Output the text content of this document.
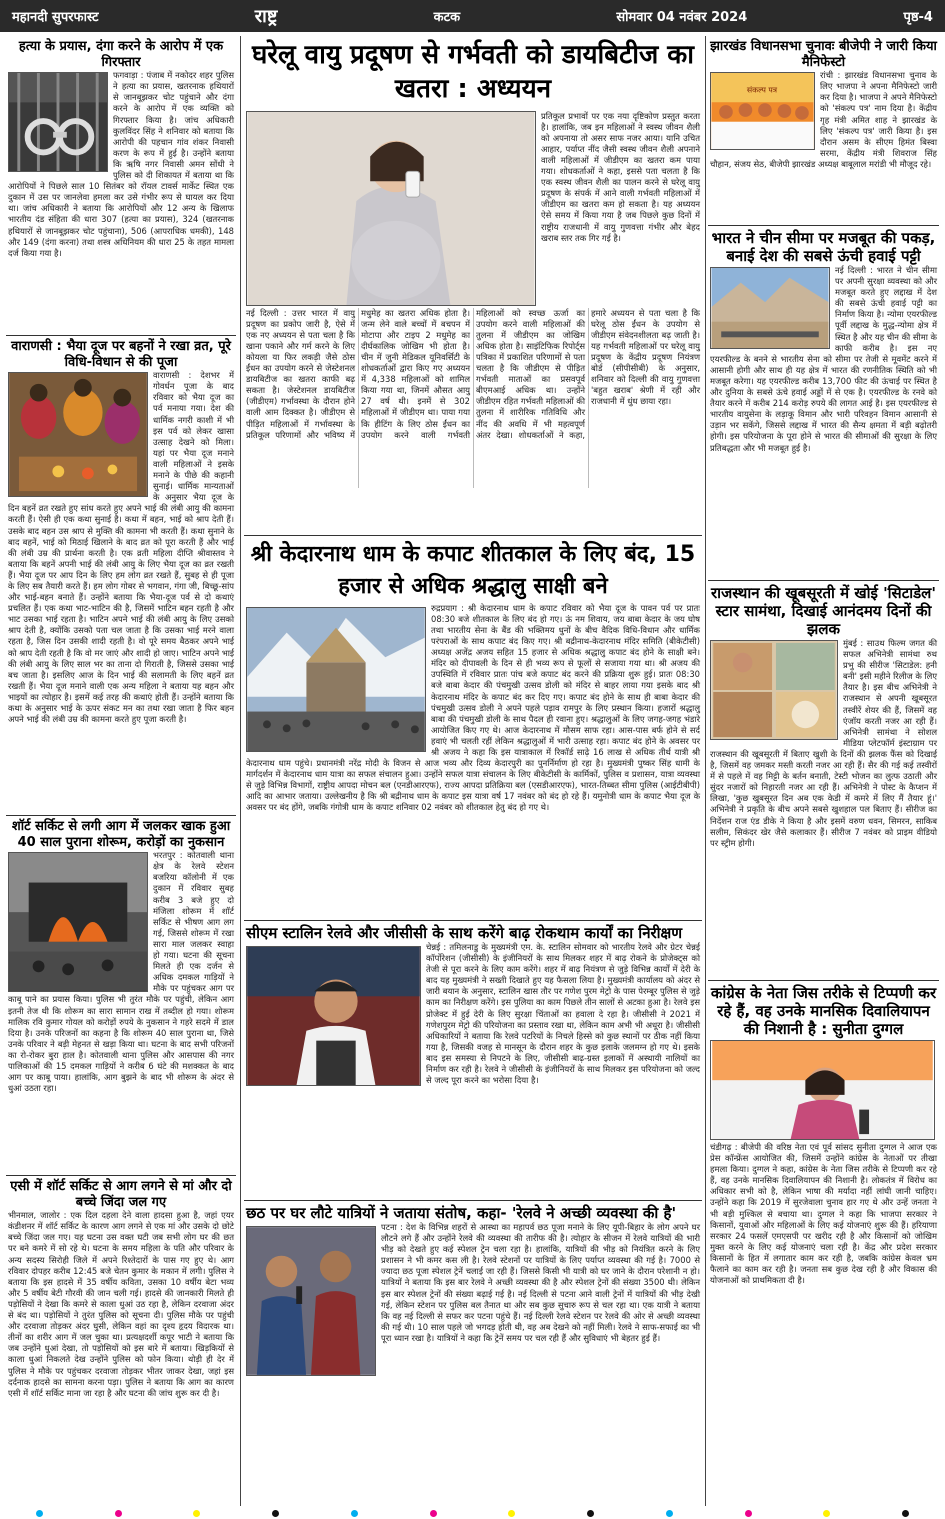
महानदी सुपरफास्ट	राष्ट्र	कटक	सोमवार 04 नवंबर 2024	पृष्ठ-4
हत्या के प्रयास, दंगा करने के आरोप में एक गिरफ्तार
फगवाड़ा : पंजाब में नकोदर शहर पुलिस ने हत्या का प्रयास, खतरनाक हथियारों से जानबूझकर चोट पहुंचाने और दंगा करने के आरोप में एक व्यक्ति को गिरफ्तार किया है। जांच अधिकारी कुलविंदर सिंह ने शनिवार को बताया कि आरोपी की पहचान गांव शंकर निवासी करण के रूप में हुई है। उन्होंने बताया कि ऋषि नगर निवासी अमन सोंधी ने पुलिस को दी शिकायत में बताया था कि आरोपियों ने पिछले साल 10 सितंबर को रॉयल टावर्स मार्केट स्थित एक दुकान में उस पर जानलेवा हमला कर उसे गंभीर रूप से घायल कर दिया था। जांच अधिकारी ने बताया कि आरोपियों और 12 अन्य के खिलाफ भारतीय दंड संहिता की धारा 307 (हत्या का प्रयास), 324 (खतरनाक हथियारों से जानबूझकर चोट पहुंचाना), 506 (आपराधिक धमकी), 148 और 149 (दंगा करना) तथा शस्त्र अधिनियम की धारा 25 के तहत मामला दर्ज किया गया है।
वाराणसी : भैया दूज पर बहनों ने रखा व्रत, पूरे विधि-विधान से की पूजा
वाराणसी : देशभर में गोवर्धन पूजा के बाद रविवार को भैया दूज का पर्व मनाया गया। देश की धार्मिक नगरी काशी में भी इस पर्व को लेकर खासा उत्साह देखने को मिला। यहां पर भैया दूज मनाने वाली महिलाओं ने इसके मनाने के पीछे की कहानी सुनाई। धार्मिक मान्यताओं के अनुसार भैया दूज के दिन बहनें व्रत रखते हुए सांध करते हुए अपने भाई की लंबी आयु की कामना करती हैं। ऐसी ही एक कथा सुनाई है। कथा में बहन, भाई को श्राप देती हैं। उसके बाद बहन उस श्राप से मुक्ति की कामना भी करती हैं। कथा सुनाने के बाद बहनें, भाई को मिठाई खिलाने के बाद व्रत को पूरा करती हैं और भाई की लंबी उम्र की प्रार्थना करती है। एक व्रती महिला दीप्ति श्रीवास्तव ने बताया कि बहनें अपनी भाई की लंबी आयु के लिए भैया दूज का व्रत रखती हैं। भैया दूज पर आप दिन के लिए हम लोग व्रत रखते हैं, सुबह से ही पूजा के लिए सब तैयारी करते हैं। हम लोग गोबर से भगवान, गंगा जी, बिच्छू-सांप और भाई-बहन बनाते हैं। उन्होंने बताया कि भैया-दूज पर्व से दो कथाएं प्रचलित हैं। एक कथा भाट-भाटिन की है, जिसमें भाटिन बहन रहती है और भाट उसका भाई रहता है। भाटिन अपने भाई की लंबी आयु के लिए उसको श्राप देती है, क्योंकि उसको पता चल जाता है कि उसका भाई मरने वाला रहता है, जिस दिन उसकी शादी रहती है। वो पूरे समय बैठकर अपने भाई को श्राप देती रहती है कि वो मर जाएं और शादी हो जाए। भाटिन अपने भाई की लंबी आयु के लिए साल भर का ताना दो गिराती है, जिससे उसका भाई बच जाता है। इसलिए आज के दिन भाई की सलामती के लिए बहनें व्रत रखती हैं। भैया दूज मनाने वाली एक अन्य महिला ने बताया यह बहन और भाइयों का त्योहार है। इसमें कई तरह की कथाएं होती हैं। उन्होंने बताया कि कथा के अनुसार भाई के ऊपर संकट मन का तथा रखा जाता है फिर बहन अपने भाई की लंबी उम्र की कामना करते हुए पूजा करती है।
शॉर्ट सर्किट से लगी आग में जलकर खाक हुआ 40 साल पुराना शोरूम, करोड़ों का नुकसान
भरतपुर : कोतवाली थाना क्षेत्र के रेलवे स्टेशन बजरिया कॉलोनी में एक दुकान में रविवार सुबह करीब 3 बजे हुए दो मंजिला शोरूम में शॉर्ट सर्किट से भीषण आग लग गई, जिससे शोरूम में रखा सारा माल जलकर स्वाहा हो गया। घटना की सूचना मिलते ही एक दर्जन से अधिक दमकल गाड़ियों ने मौके पर पहुंचकर आग पर काबू पाने का प्रयास किया। पुलिस भी तुरंत मौके पर पहुंची, लेकिन आग इतनी तेज थी कि शोरूम का सारा सामान राख में तब्दील हो गया। शोरूम मालिक रवि कुमार गोयल को करोड़ों रुपये के नुकसान ने गहरे सदमे में डाल दिया है। उनके परिजनों का कहना है कि शोरूम 40 साल पुराना था, जिसे उनके परिवार ने बड़ी मेहनत से खड़ा किया था। घटना के बाद सभी परिजनों का रो-रोकर बुरा हाल है। कोतवाली थाना पुलिस और आसपास की नगर पालिकाओं की 15 दमकल गाड़ियों ने करीब 6 घंटे की मशक्कत के बाद आग पर काबू पाया। हालांकि, आग बुझने के बाद भी शोरूम के अंदर से धुआं उठता रहा।
एसी में शॉर्ट सर्किट से आग लगने से मां और दो बच्चे जिंदा जल गए
भीनमाल, जालोर : एक दिल दहला देने वाला हादसा हुआ है, जहां एयर कंडीशनर में शॉर्ट सर्किट के कारण आग लगने से एक मां और उसके दो छोटे बच्चे जिंदा जल गए। यह घटना उस वक्त घटी जब सभी लोग घर की छत पर बने कमरे में सो रहे थे। घटना के समय महिला के पति और परिवार के अन्य सदस्य सिरोही जिले में अपने रिश्तेदारों के पास गए हुए थे। आग रविवार दोपहर करीब 12:45 बजे चेतन कुमार के मकान में लगी। पुलिस ने बताया कि इस हादसे में 35 वर्षीय कविता, उसका 10 वर्षीय बेटा भव्य और 5 वर्षीय बेटी गौरवी की जान चली गई। हादसे की जानकारी मिलते ही पड़ोसियों ने देखा कि कमरे से काला धुआं उठ रहा है, लेकिन दरवाजा अंदर से बंद था। पड़ोसियों ने तुरंत पुलिस को सूचना दी। पुलिस मौके पर पहुंची और दरवाजा तोड़कर अंदर घुसी, लेकिन वहां का दृश्य हृदय विदारक था। तीनों का शरीर आग में जल चुका था। प्रत्यक्षदर्शी कपूर भाटी ने बताया कि जब उन्होंने धुआं देखा, तो पड़ोसियों को इस बारे में बताया। खिड़कियों से काला धुआं निकलते देख उन्होंने पुलिस को फोन किया। थोड़ी ही देर में पुलिस ने मौके पर पहुंचकर दरवाजा तोड़कर भीतर जाकर देखा, जहां इस दर्दनाक हादसे का सामना करना पड़ा। पुलिस ने बताया कि आग का कारण एसी में शॉर्ट सर्किट माना जा रहा है और घटना की जांच शुरू कर दी है।
घरेलू वायु प्रदूषण से गर्भवती को डायबिटीज का खतरा : अध्ययन
प्रतिकूल प्रभावों पर एक नया दृष्टिकोण प्रस्तुत करता है। हालांकि, जब इन महिलाओं ने स्वस्थ जीवन शैली को अपनाया तो असर साफ नजर आया। यानि उचित आहार, पर्याप्त नींद जैसी स्वस्थ जीवन शैली अपनाने वाली महिलाओं में जीडीएम का खतरा कम पाया गया। शोधकर्ताओं ने कहा, इससे पता चलता है कि एक स्वस्थ जीवन शैली का पालन करने से घरेलू वायु प्रदूषण के संपर्क में आने वाली गर्भवती महिलाओं में जीडीएम का खतरा कम हो सकता है। यह अध्ययन ऐसे समय में किया गया है जब पिछले कुछ दिनों में राष्ट्रीय राजधानी में वायु गुणवत्ता गंभीर और बेहद खराब स्तर तक गिर गई है।
नई दिल्ली : उत्तर भारत में वायु प्रदूषण का प्रकोप जारी है, ऐसे में एक नए अध्ययन से पता चला है कि खाना पकाने और गर्म करने के लिए कोयला या फिर लकड़ी जैसे ठोस ईंधन का उपयोग करने से जेस्टेशनल डायबिटीज का खतरा काफी बढ़ सकता है। जेस्टेशनल डायबिटीज (जीडीएम) गर्भावस्था के दौरान होने वाली आम दिक्कत है। जीडीएम से पीड़ित महिलाओं में गर्भावस्था के प्रतिकूल परिणामों और भविष्य में मधुमेह का खतरा अधिक होता है। जन्म लेने वाले बच्चों में बचपन में मोटापा और टाइप 2 मधुमेह का दीर्घकालिक जोखिम भी होता है। चीन में जुनी मेडिकल यूनिवर्सिटी के शोधकर्ताओं द्वारा किए गए अध्ययन में 4,338 महिलाओं को शामिल किया गया था, जिनमें औसत आयु 27 वर्ष थी। इनमें से 302 महिलाओं में जीडीएम था। पाया गया कि हीटिंग के लिए ठोस ईंधन का उपयोग करने वाली गर्भवती महिलाओं को स्वच्छ ऊर्जा का उपयोग करने वाली महिलाओं की तुलना में जीडीएम का जोखिम अधिक होता है। साइंटिफिक रिपोर्ट्स पत्रिका में प्रकाशित परिणामों से पता चलता है कि जीडीएम से पीड़ित गर्भवती माताओं का प्रसवपूर्व बीएमआई अधिक था। उन्होंने जीडीएम रहित गर्भवती महिलाओं की तुलना में शारीरिक गतिविधि और नींद की अवधि में भी महत्वपूर्ण अंतर देखा। शोधकर्ताओं ने कहा, हमारे अध्ययन से पता चला है कि घरेलू ठोस ईंधन के उपयोग से जीडीएम संवेदनशीलता बढ़ जाती है। यह गर्भवती महिलाओं पर घरेलू वायु प्रदूषण के केंद्रीय प्रदूषण नियंत्रण बोर्ड (सीपीसीबी) के अनुसार, शनिवार को दिल्ली की वायु गुणवत्ता 'बहुत खराब' श्रेणी में रही और राजधानी में धुंध छाया रहा।
श्री केदारनाथ धाम के कपाट शीतकाल के लिए बंद, 15 हजार से अधिक श्रद्धालु साक्षी बने
रुद्रप्रयाग : श्री केदारनाथ धाम के कपाट रविवार को भैया दूज के पावन पर्व पर प्रातः 08:30 बजे शीतकाल के लिए बंद हो गए। ऊं नम शिवाय, जय बाबा केदार के जय घोष तथा भारतीय सेना के बैंड की भक्तिमय धुनों के बीच वैदिक विधि-विधान और धार्मिक परंपराओं के साथ कपाट बंद किए गए। श्री बद्रीनाथ-केदारनाथ मंदिर समिति (बीकेटीसी) अध्यक्ष अजेंद्र अजय सहित 15 हजार से अधिक श्रद्धालु कपाट बंद होने के साक्षी बने। मंदिर को दीपावली के दिन से ही भव्य रूप से फूलों से सजाया गया था। श्री अजय की उपस्थिति में रविवार प्रातः पांच बजे कपाट बंद करने की प्रक्रिया शुरू हुई। प्रातः 08:30 बजे बाबा केदार की पंचमुखी उत्सव डोली को मंदिर से बाहर लाया गया इसके बाद श्री केदारनाथ मंदिर के कपाट बंद कर दिए गए। कपाट बंद होने के साथ ही बाबा केदार की पंचमुखी उत्सव डोली ने अपने पहले पड़ाव रामपुर के लिए प्रस्थान किया। हजारों श्रद्धालु बाबा की पंचमुखी डोली के साथ पैदल ही रवाना हुए। श्रद्धालुओं के लिए जगह-जगह भंडारे आयोजित किए गए थे। आज केदारनाथ में मौसम साफ रहा। आस-पास बर्फ होने से सर्द हवाएं भी चलती रहीं लेकिन श्रद्धालुओं में भारी उत्साह रहा। कपाट बंद होने के अवसर पर श्री अजय ने कहा कि इस यात्राकाल में रिकॉर्ड साढ़े 16 लाख से अधिक तीर्थ यात्री श्री केदारनाथ धाम पहुंचे। प्रधानमंत्री नरेंद्र मोदी के विजन से आज भव्य और दिव्य केदारपुरी का पुनर्निर्माण हो रहा है। मुख्यमंत्री पुष्कर सिंह धामी के मार्गदर्शन में केदारनाथ धाम यात्रा का सफल संचालन हुआ। उन्होंने सफल यात्रा संचालन के लिए बीकेटीसी के कार्मिकों, पुलिस व प्रशासन, यात्रा व्यवस्था से जुड़े विभिन्न विभागों, राष्ट्रीय आपदा मोचन बल (एनडीआरएफ), राज्य आपदा प्रतिक्रिया बल (एसडीआरएफ), भारत-तिब्बत सीमा पुलिस (आईटीबीपी) आदि का आभार जताया। उल्लेखनीय है कि श्री बद्रीनाथ धाम के कपाट इस यात्रा वर्ष 17 नवंबर को बंद हो रहे हैं। यमुनोत्री धाम के कपाट भैया दूज के अवसर पर बंद होंगे, जबकि गंगोत्री धाम के कपाट शनिवार 02 नवंबर को शीतकाल हेतु बंद हो गए थे।
सीएम स्टालिन रेलवे और जीसीसी के साथ करेंगे बाढ़ रोकथाम कार्यों का निरीक्षण
चेन्नई : तमिलनाडु के मुख्यमंत्री एम. के. स्टालिन सोमवार को भारतीय रेलवे और ग्रेटर चेन्नई कॉर्पोरेशन (जीसीसी) के इंजीनियरों के साथ मिलकर शहर में बाढ़ रोकने के प्रोजेक्ट्स को तेजी से पूरा करने के लिए काम करेंगे। शहर में बाढ़ नियंत्रण से जुड़े विभिन्न कार्यों में देरी के बाद यह मुख्यमंत्री ने सख्ती दिखाते हुए यह फैसला लिया है। मुख्यमंत्री कार्यालय को अंदर से जारी बयान के अनुसार, स्टालिन खास तौर पर गणेश पुरम मेट्रो के पास पेरम्बूर पुलिस से जुड़े काम का निरीक्षण करेंगे। इस पुलिया का काम पिछले तीन सालों से अटका हुआ है। रेलवे इस प्रोजेक्ट में हुई देरी के लिए सुरक्षा चिंताओं का हवाला दे रहा है। जीसीसी ने 2021 में गणेशपुरम मेट्रो की परियोजना का प्रस्ताव रखा था, लेकिन काम अभी भी अधूरा है। जीसीसी अधिकारियों ने बताया कि रेलवे पटरियों के निचले हिस्से को कुछ स्थानों पर ठीक नहीं किया गया है, जिसकी वजह से मानसून के दौरान शहर के कुछ इलाके जलमग्न हो गए थे। इसके बाद इस समस्या से निपटने के लिए, जीसीसी बाढ़-ग्रस्त इलाकों में अस्थायी नालियों का निर्माण कर रही है। रेलवे ने जीसीसी के इंजीनियरों के साथ मिलकर इस परियोजना को जल्द से जल्द पूरा करने का भरोसा दिया है।
छठ पर घर लौटे यात्रियों ने जताया संतोष, कहा- 'रेलवे ने अच्छी व्यवस्था की है'
पटना : देश के विभिन्न शहरों से आस्था का महापर्व छठ पूजा मनाने के लिए यूपी-बिहार के लोग अपने घर लौटने लगे हैं और उन्होंने रेलवे की व्यवस्था की तारीफ की है। त्योहार के सीजन में रेलवे यात्रियों की भारी भीड़ को देखते हुए कई स्पेशल ट्रेन चला रहा है। हालांकि, यात्रियों की भीड़ को नियंत्रित करने के लिए प्रशासन ने भी कमर कस ली है। रेलवे स्टेशनों पर यात्रियों के लिए पर्याप्त व्यवस्था की गई है। 7000 से ज्यादा छठ पूजा स्पेशल ट्रेनें चलाई जा रही हैं। जिससे किसी भी यात्री को घर जाने के दौरान परेशानी न हो। यात्रियों ने बताया कि इस बार रेलवे ने अच्छी व्यवस्था की है और स्पेशल ट्रेनों की संख्या 3500 थी। लेकिन इस बार स्पेशल ट्रेनों की संख्या बढ़ाई गई है। नई दिल्ली से पटना आने वाली ट्रेनों में यात्रियों की भीड़ देखी गई, लेकिन स्टेशन पर पुलिस बल तैनात था और सब कुछ सुचारु रूप से चल रहा था। एक यात्री ने बताया कि वह नई दिल्ली से सफर कर पटना पहुंचे हैं। नई दिल्ली रेलवे स्टेशन पर रेलवे की ओर से अच्छी व्यवस्था की गई थी। 10 साल पहले जो भगदड़ होती थी, वह अब देखने को नहीं मिली। रेलवे ने साफ-सफाई का भी पूरा ध्यान रखा है। यात्रियों ने कहा कि ट्रेनें समय पर चल रही हैं और सुविधाएं भी बेहतर हुई हैं।
झारखंड विधानसभा चुनावः बीजेपी ने जारी किया मैनिफेस्टो
संकल्प पत्र
रांची : झारखंड विधानसभा चुनाव के लिए भाजपा ने अपना मैनिफेस्टो जारी कर दिया है। भाजपा ने अपने मैनिफेस्टो को 'संकल्प पत्र' नाम दिया है। केंद्रीय गृह मंत्री अमित शाह ने झारखंड के लिए 'संकल्प पत्र' जारी किया है। इस दौरान असम के सीएम हिमंत बिस्वा सरमा, केंद्रीय मंत्री शिवराज सिंह चौहान, संजय सेठ, बीजेपी झारखंड अध्यक्ष बाबूलाल मरांडी भी मौजूद रहे।
भारत ने चीन सीमा पर मजबूत की पकड़, बनाई देश की सबसे ऊंची हवाई पट्टी
नई दिल्ली : भारत ने चीन सीमा पर अपनी सुरक्षा व्यवस्था को और मजबूत करते हुए लद्दाख में देश की सबसे ऊंची हवाई पट्टी का निर्माण किया है। न्योमा एयरफील्ड पूर्वी लद्दाख के मुद्ध-न्योमा क्षेत्र में स्थित है और यह चीन की सीमा के काफी करीब है। इस नए एयरफील्ड के बनने से भारतीय सेना को सीमा पर तेजी से मूवमेंट करने में आसानी होगी और साथ ही यह क्षेत्र में भारत की रणनीतिक स्थिति को भी मजबूत करेगा। यह एयरफील्ड करीब 13,700 फीट की ऊंचाई पर स्थित है और दुनिया के सबसे ऊंचे हवाई अड्डों में से एक है। एयरफील्ड के रनवे को तैयार करने में करीब 214 करोड़ रुपये की लागत आई है। इस एयरफील्ड से भारतीय वायुसेना के लड़ाकू विमान और भारी परिवहन विमान आसानी से उड़ान भर सकेंगे, जिससे लद्दाख में भारत की सैन्य क्षमता में बड़ी बढ़ोतरी होगी। इस परियोजना के पूरा होने से भारत की सीमाओं की सुरक्षा के लिए प्रतिबद्धता और भी मजबूत हुई है।
राजस्थान की खूबसूरती में खोई 'सिटाडेल' स्टार सामंथा, दिखाई आनंदमय दिनों की झलक
मुंबई : साउथ फिल्म जगत की सफल अभिनेत्री सामंथा रुथ प्रभु की सीरीज 'सिटाडेल: हनी बनी' इसी महीने रिलीज के लिए तैयार है। इस बीच अभिनेत्री ने राजस्थान से अपनी खूबसूरत तस्वीरें शेयर की हैं, जिसमें वह एंजॉय करती नजर आ रही हैं। अभिनेत्री सामंथा ने सोशल मीडिया प्लेटफॉर्म इंस्टाग्राम पर राजस्थान की खूबसूरती में बिताए खुशी के दिनों की झलक फैंस को दिखाई है, जिसमें वह जमकर मस्ती करती नजर आ रही हैं। सैर की गई कई तस्वीरों में से पहले में वह मिट्टी के बर्तन बनाती, टेस्टी भोजन का लुत्फ उठाती और सुंदर नजारों को निहारती नजर आ रही हैं। अभिनेत्री ने पोस्ट के कैप्शन में लिखा, 'कुछ खुबसूरत दिन अब एक केडी में कमरे में लिए मैं तैयार हूं।' अभिनेत्री ने प्रकृति के बीच अपने सबसे खुशहाल पल बिताए हैं। सीरीज का निर्देशन राज एंड डीके ने किया है और इसमें वरुण धवन, सिमरन, साकिब सलीम, सिकंदर खेर जैसे कलाकार हैं। सीरीज 7 नवंबर को प्राइम वीडियो पर स्ट्रीम होगी।
कांग्रेस के नेता जिस तरीके से टिप्पणी कर रहे हैं, वह उनके मानसिक दिवालियापन की निशानी है : सुनीता दुग्गल
चंडीगढ़ : बीजेपी की वरिष्ठ नेता एवं पूर्व सांसद सुनीता दुग्गल ने आज एक प्रेस कॉन्फ्रेंस आयोजित की, जिसमें उन्होंने कांग्रेस के नेताओं पर तीखा हमला किया। दुग्गल ने कहा, कांग्रेस के नेता जिस तरीके से टिप्पणी कर रहे हैं, वह उनके मानसिक दिवालियापन की निशानी है। लोकतंत्र में विरोध का अधिकार सभी को है, लेकिन भाषा की मर्यादा नहीं लांघी जानी चाहिए। उन्होंने कहा कि 2019 में सुरजेवाला चुनाव हार गए थे और उन्हें जनता ने भी बड़ी मुश्किल से बचाया था। दुग्गल ने कहा कि भाजपा सरकार ने किसानों, युवाओं और महिलाओं के लिए कई योजनाएं शुरू की हैं। हरियाणा सरकार 24 फसलें एमएसपी पर खरीद रही है और किसानों को जोखिम मुक्त करने के लिए कई योजनाएं चला रही है। केंद्र और प्रदेश सरकार किसानों के हित में लगातार काम कर रही है, जबकि कांग्रेस केवल भ्रम फैलाने का काम कर रही है। जनता सब कुछ देख रही है और विकास की योजनाओं को प्राथमिकता दी है।
